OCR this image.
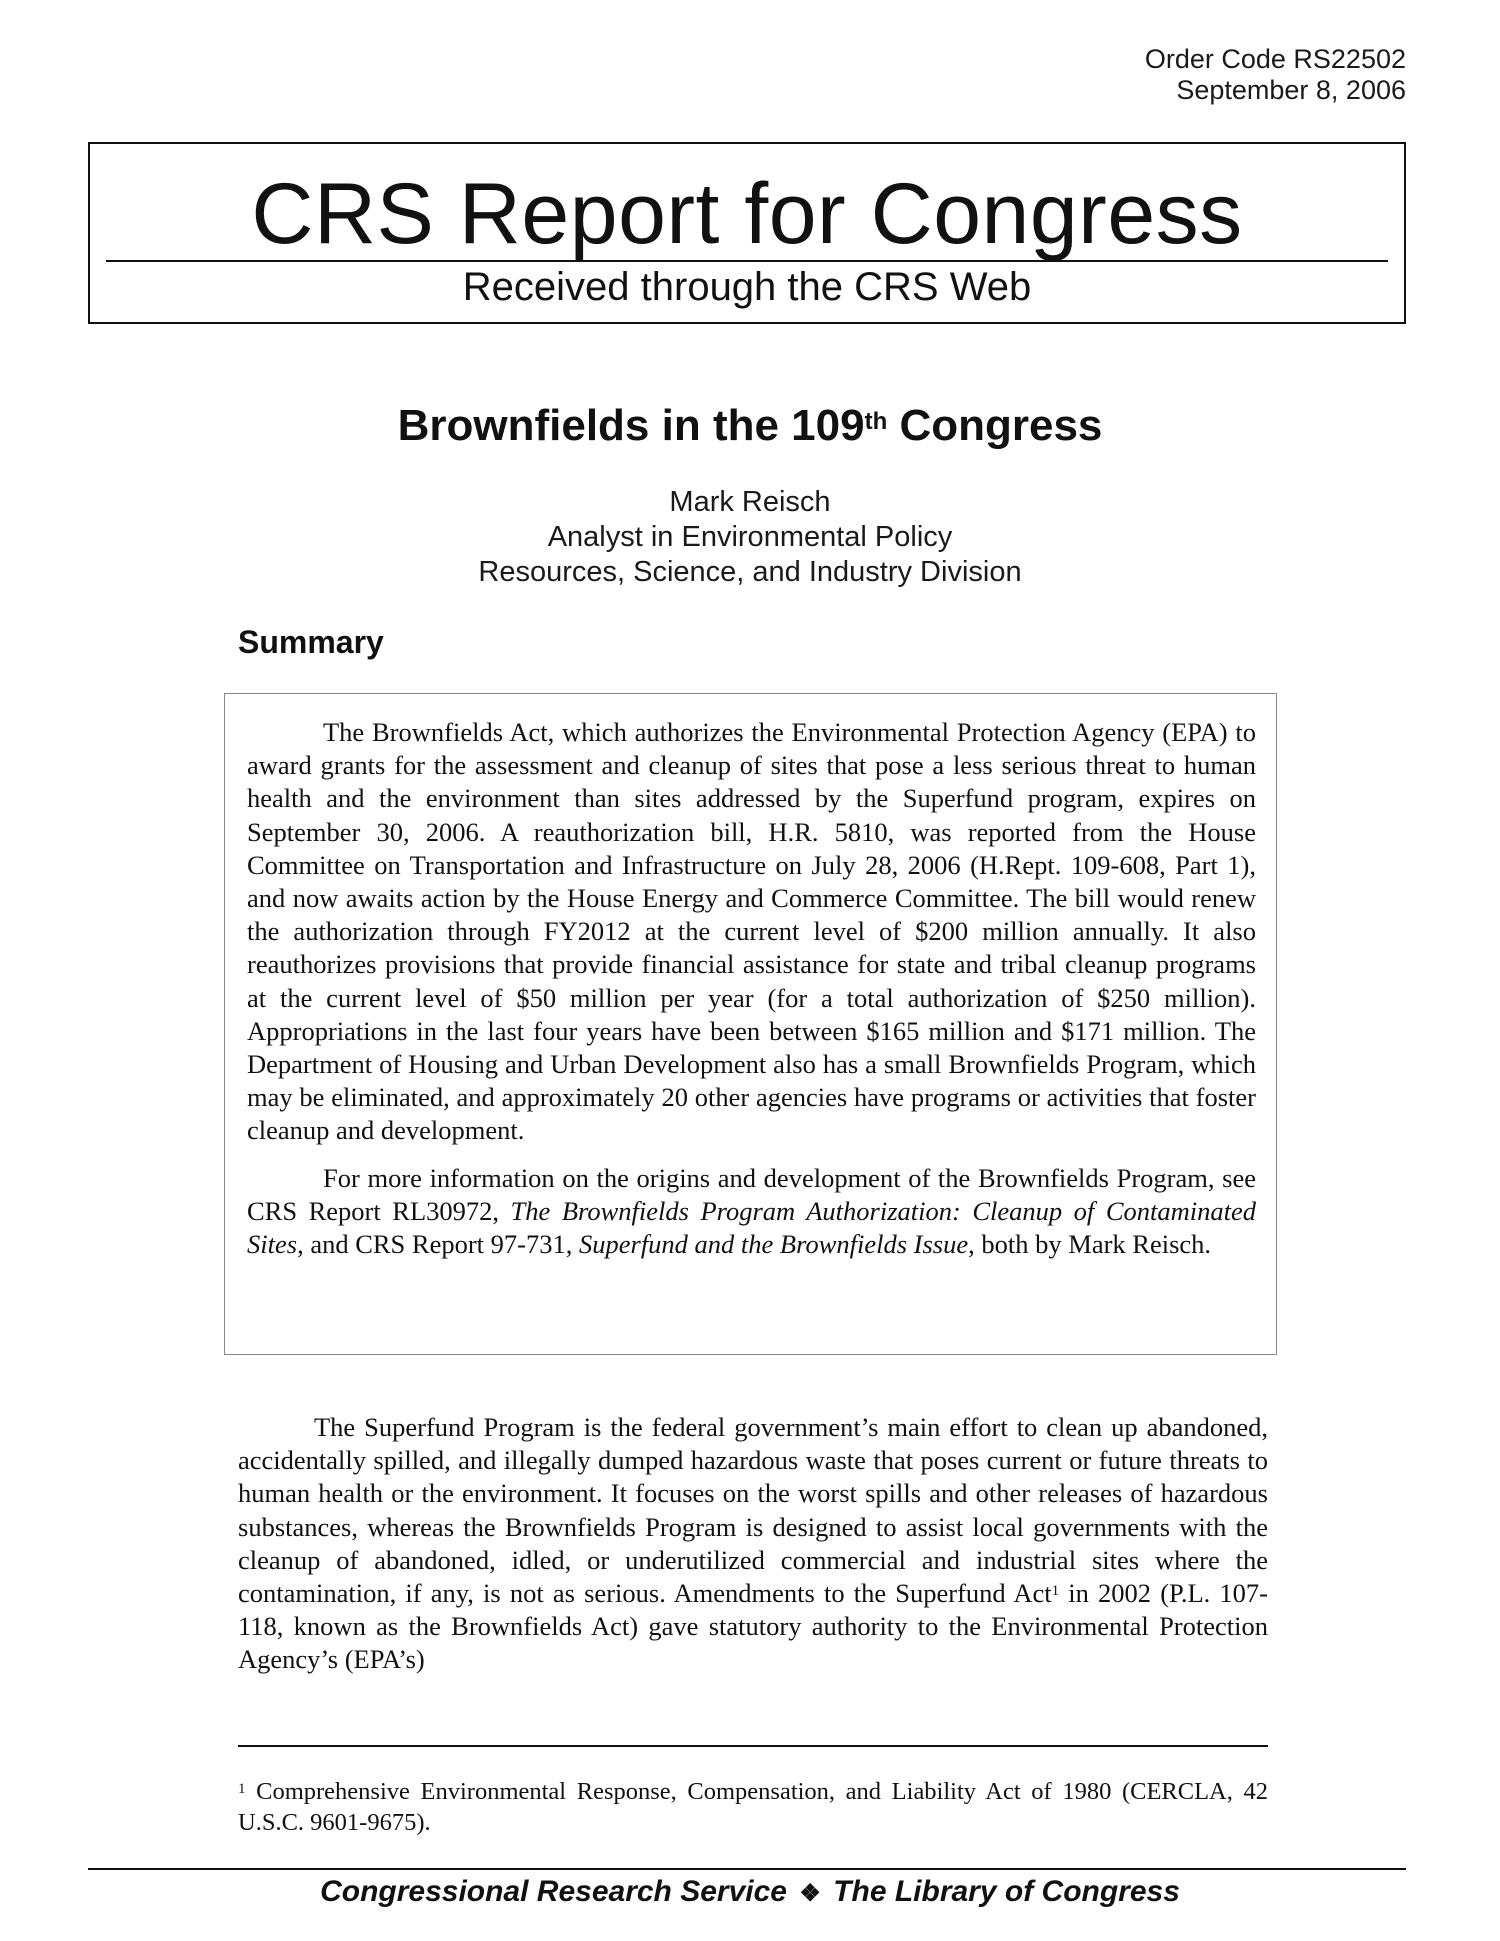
Order Code RS22502
September 8, 2006
CRS Report for Congress
Received through the CRS Web
Brownfields in the 109th Congress
Mark Reisch
Analyst in Environmental Policy
Resources, Science, and Industry Division
Summary

The Brownfields Act, which authorizes the Environmental Protection Agency (EPA) to award grants for the assessment and cleanup of sites that pose a less serious threat to human health and the environment than sites addressed by the Superfund program, expires on September 30, 2006. A reauthorization bill, H.R. 5810, was reported from the House Committee on Transportation and Infrastructure on July 28, 2006 (H.Rept. 109-608, Part 1), and now awaits action by the House Energy and Commerce Committee. The bill would renew the authorization through FY2012 at the current level of $200 million annually. It also reauthorizes provisions that provide financial assistance for state and tribal cleanup programs at the current level of $50 million per year (for a total authorization of $250 million). Appropriations in the last four years have been between $165 million and $171 million. The Department of Housing and Urban Development also has a small Brownfields Program, which may be eliminated, and approximately 20 other agencies have programs or activities that foster cleanup and development.

For more information on the origins and development of the Brownfields Program, see CRS Report RL30972, The Brownfields Program Authorization: Cleanup of Contaminated Sites, and CRS Report 97-731, Superfund and the Brownfields Issue, both by Mark Reisch.

The Superfund Program is the federal government’s main effort to clean up abandoned, accidentally spilled, and illegally dumped hazardous waste that poses current or future threats to human health or the environment. It focuses on the worst spills and other releases of hazardous substances, whereas the Brownfields Program is designed to assist local governments with the cleanup of abandoned, idled, or underutilized commercial and industrial sites where the contamination, if any, is not as serious. Amendments to the Superfund Act$^1$ in 2002 (P.L. 107-118, known as the Brownfields Act) gave statutory authority to the Environmental Protection Agency’s (EPA’s)

$^1$ Comprehensive Environmental Response, Compensation, and Liability Act of 1980 (CERCLA, 42 U.S.C. 9601-9675).

Congressional Research Service ❖ The Library of Congress
